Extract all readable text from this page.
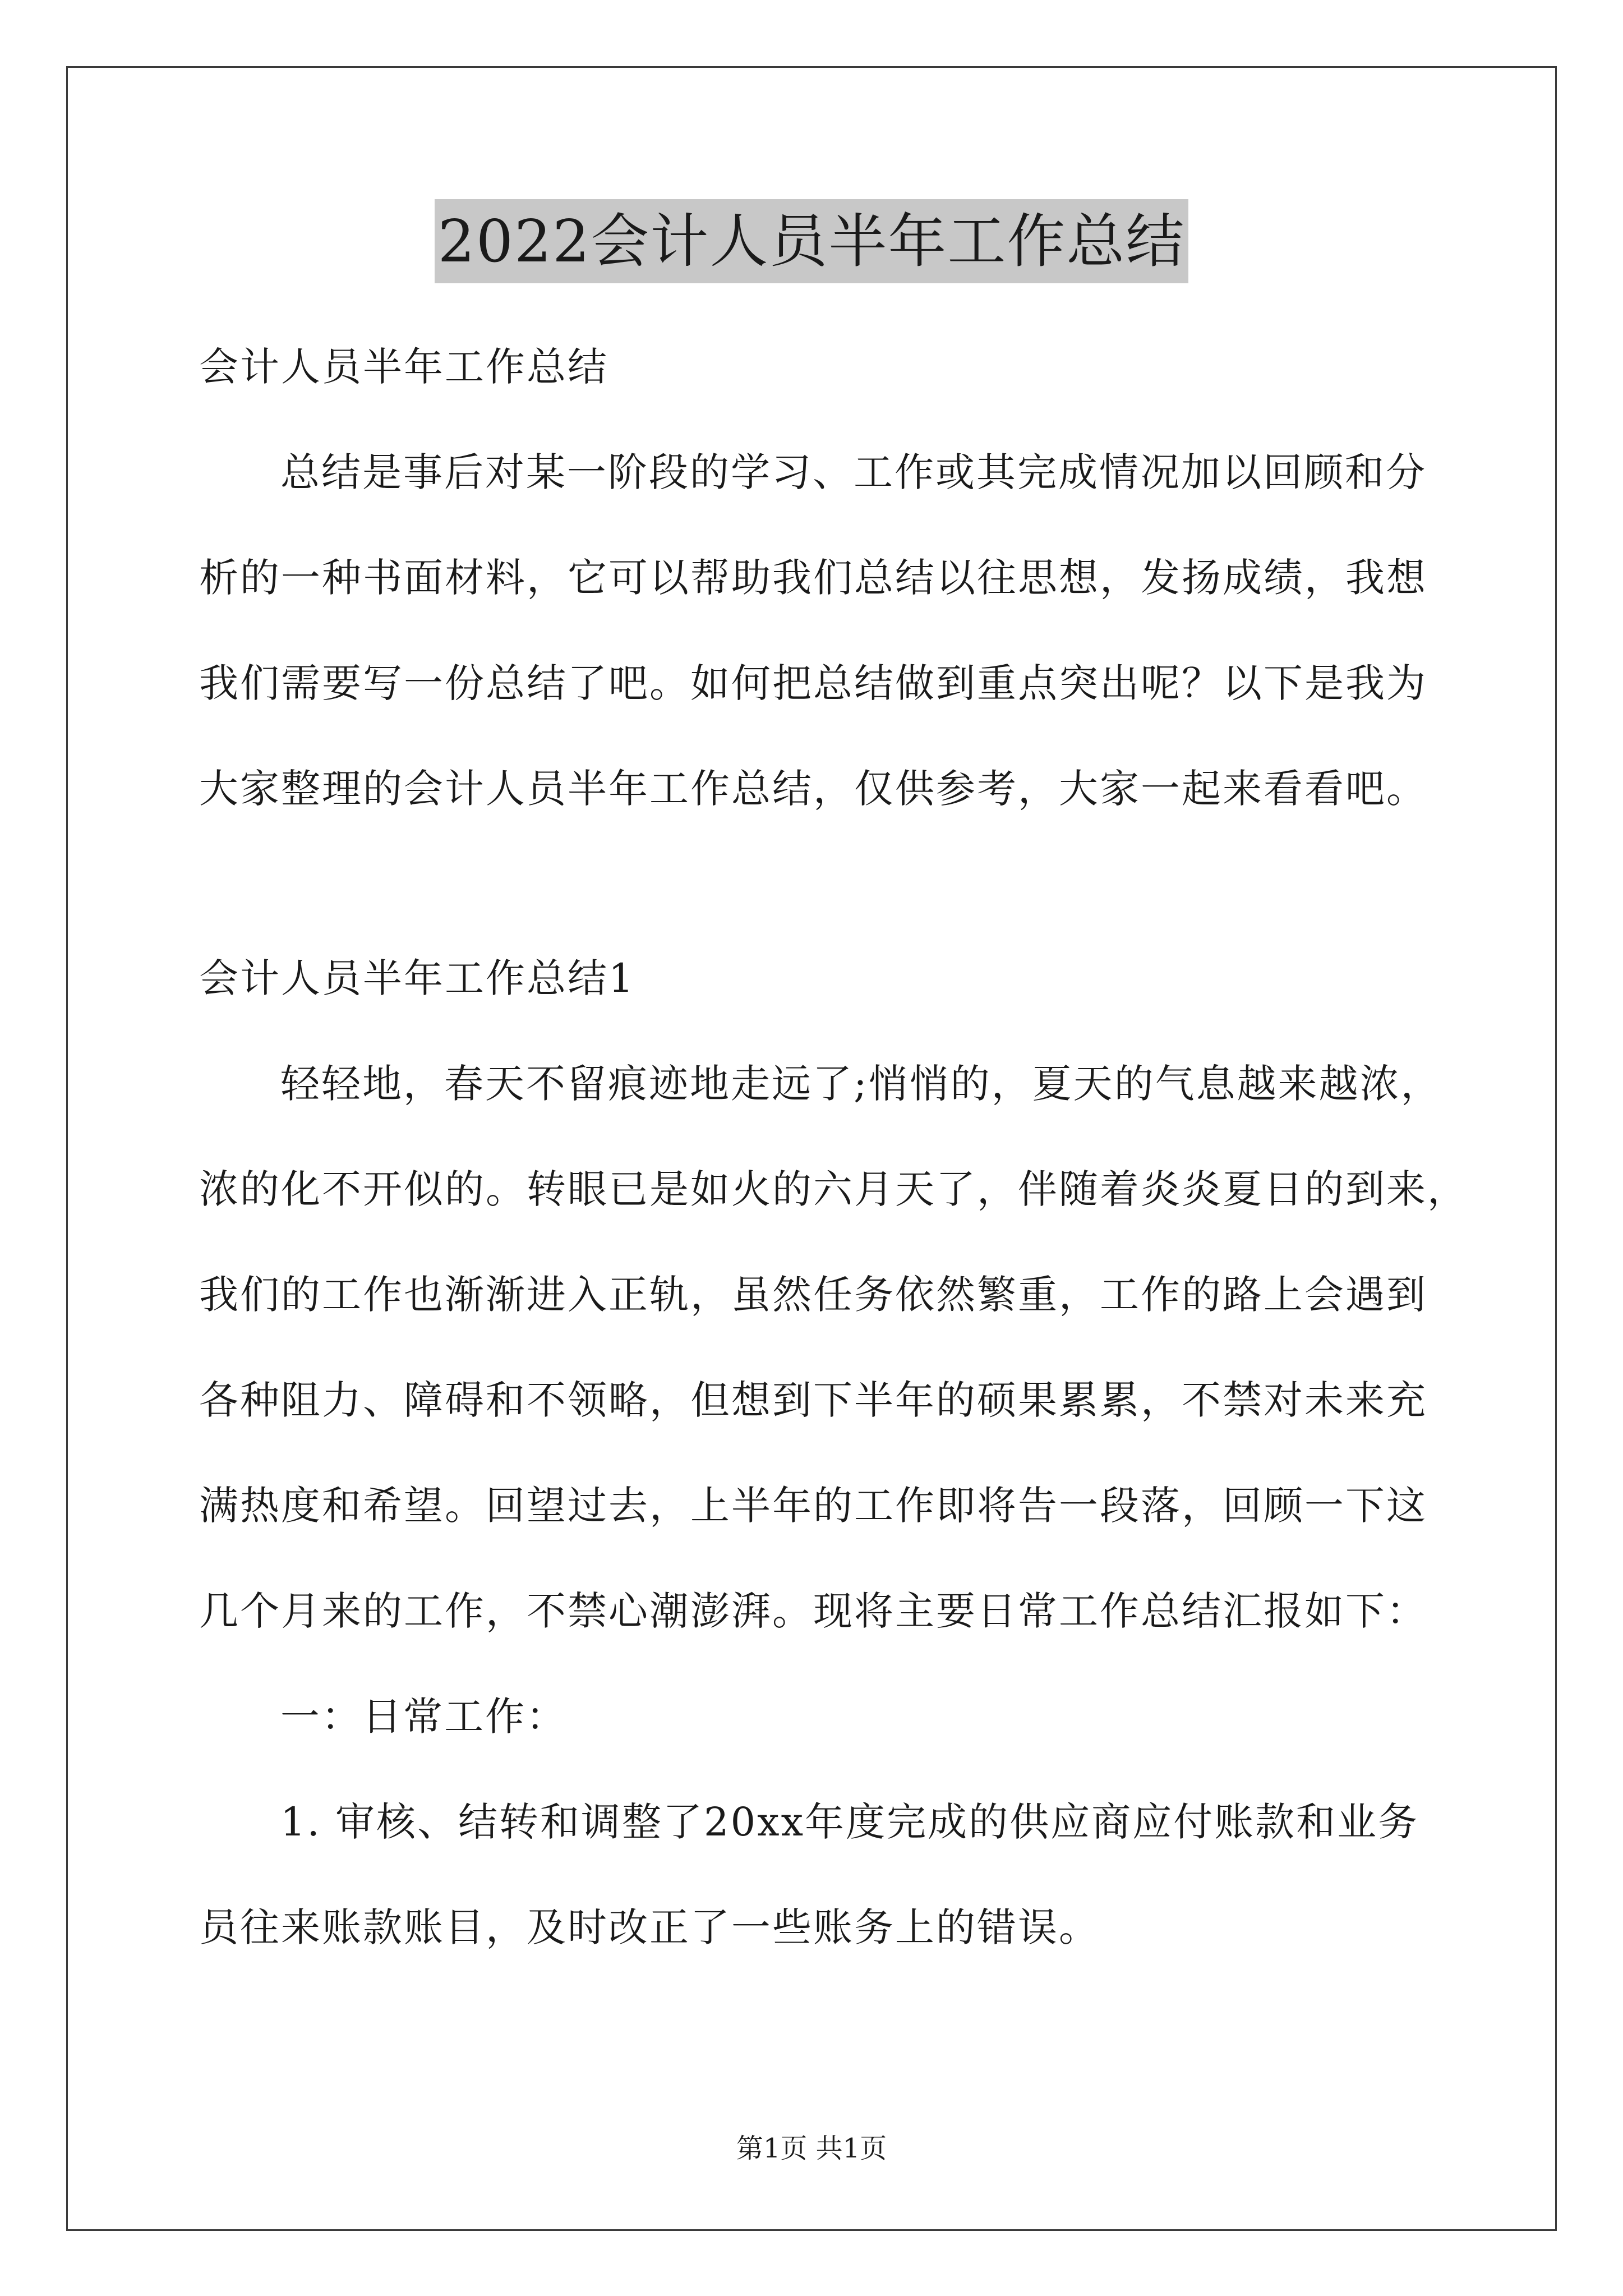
2022会计人员半年工作总结
会计人员半年工作总结
总结是事后对某一阶段的学习、工作或其完成情况加以回顾和分
析的一种书面材料，它可以帮助我们总结以往思想，发扬成绩，我想
我们需要写一份总结了吧。如何把总结做到重点突出呢？以下是我为
大家整理的会计人员半年工作总结，仅供参考，大家一起来看看吧。
会计人员半年工作总结1
轻轻地，春天不留痕迹地走远了;悄悄的，夏天的气息越来越浓，
浓的化不开似的。转眼已是如火的六月天了，伴随着炎炎夏日的到来，
我们的工作也渐渐进入正轨，虽然任务依然繁重，工作的路上会遇到
各种阻力、障碍和不领略，但想到下半年的硕果累累，不禁对未来充
满热度和希望。回望过去，上半年的工作即将告一段落，回顾一下这
几个月来的工作，不禁心潮澎湃。现将主要日常工作总结汇报如下：
一：日常工作：
1. 审核、结转和调整了20xx年度完成的供应商应付账款和业务
员往来账款账目，及时改正了一些账务上的错误。
第1页 共1页
